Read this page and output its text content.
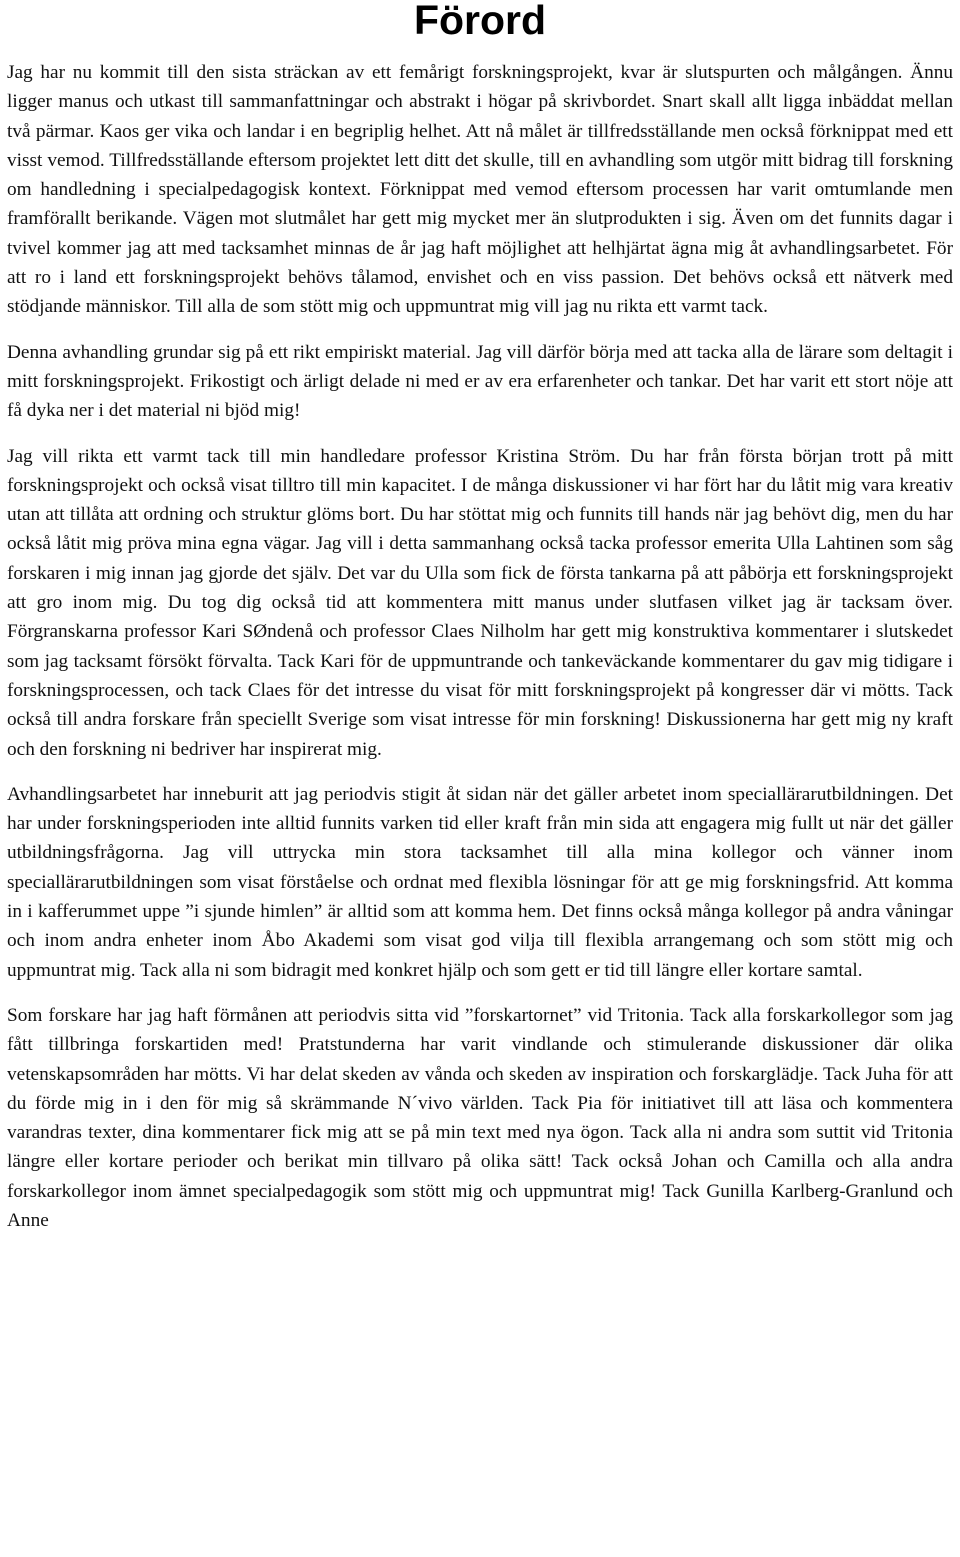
Förord

Jag har nu kommit till den sista sträckan av ett femårigt forskningsprojekt, kvar är slutspurten och målgången. Ännu ligger manus och utkast till sammanfattningar och abstrakt i högar på skrivbordet. Snart skall allt ligga inbäddat mellan två pärmar. Kaos ger vika och landar i en begriplig helhet. Att nå målet är tillfredsställande men också förknippat med ett visst vemod. Tillfredsställande eftersom projektet lett ditt det skulle, till en avhandling som utgör mitt bidrag till forskning om handledning i specialpedagogisk kontext. Förknippat med vemod eftersom processen har varit omtumlande men framförallt berikande. Vägen mot slutmålet har gett mig mycket mer än slutprodukten i sig. Även om det funnits dagar i tvivel kommer jag att med tacksamhet minnas de år jag haft möjlighet att helhjärtat ägna mig åt avhandlingsarbetet. För att ro i land ett forskningsprojekt behövs tålamod, envishet och en viss passion. Det behövs också ett nätverk med stödjande människor. Till alla de som stött mig och uppmuntrat mig vill jag nu rikta ett varmt tack.

Denna avhandling grundar sig på ett rikt empiriskt material. Jag vill därför börja med att tacka alla de lärare som deltagit i mitt forskningsprojekt. Frikostigt och ärligt delade ni med er av era erfarenheter och tankar. Det har varit ett stort nöje att få dyka ner i det material ni bjöd mig!

Jag vill rikta ett varmt tack till min handledare professor Kristina Ström. Du har från första början trott på mitt forskningsprojekt och också visat tilltro till min kapacitet. I de många diskussioner vi har fört har du låtit mig vara kreativ utan att tillåta att ordning och struktur glöms bort. Du har stöttat mig och funnits till hands när jag behövt dig, men du har också låtit mig pröva mina egna vägar. Jag vill i detta sammanhang också tacka professor emerita Ulla Lahtinen som såg forskaren i mig innan jag gjorde det själv. Det var du Ulla som fick de första tankarna på att påbörja ett forskningsprojekt att gro inom mig. Du tog dig också tid att kommentera mitt manus under slutfasen vilket jag är tacksam över. Förgranskarna professor Kari SØndenå och professor Claes Nilholm har gett mig konstruktiva kommentarer i slutskedet som jag tacksamt försökt förvalta. Tack Kari för de uppmuntrande och tankeväckande kommentarer du gav mig tidigare i forskningsprocessen, och tack Claes för det intresse du visat för mitt forskningsprojekt på kongresser där vi mötts. Tack också till andra forskare från speciellt Sverige som visat intresse för min forskning! Diskussionerna har gett mig ny kraft och den forskning ni bedriver har inspirerat mig.

Avhandlingsarbetet har inneburit att jag periodvis stigit åt sidan när det gäller arbetet inom speciallärarutbildningen. Det har under forskningsperioden inte alltid funnits varken tid eller kraft från min sida att engagera mig fullt ut när det gäller utbildningsfrågorna. Jag vill uttrycka min stora tacksamhet till alla mina kollegor och vänner inom speciallärarutbildningen som visat förståelse och ordnat med flexibla lösningar för att ge mig forskningsfrid. Att komma in i kafferummet uppe ”i sjunde himlen” är alltid som att komma hem. Det finns också många kollegor på andra våningar och inom andra enheter inom Åbo Akademi som visat god vilja till flexibla arrangemang och som stött mig och uppmuntrat mig. Tack alla ni som bidragit med konkret hjälp och som gett er tid till längre eller kortare samtal.

Som forskare har jag haft förmånen att periodvis sitta vid ”forskartornet” vid Tritonia. Tack alla forskarkollegor som jag fått tillbringa forskartiden med! Pratstunderna har varit vindlande och stimulerande diskussioner där olika vetenskapsområden har mötts. Vi har delat skeden av vånda och skeden av inspiration och forskarglädje. Tack Juha för att du förde mig in i den för mig så skrämmande N´vivo världen. Tack Pia för initiativet till att läsa och kommentera varandras texter, dina kommentarer fick mig att se på min text med nya ögon. Tack alla ni andra som suttit vid Tritonia längre eller kortare perioder och berikat min tillvaro på olika sätt! Tack också Johan och Camilla och alla andra forskarkollegor inom ämnet specialpedagogik som stött mig och uppmuntrat mig! Tack Gunilla Karlberg-Granlund och Anne
